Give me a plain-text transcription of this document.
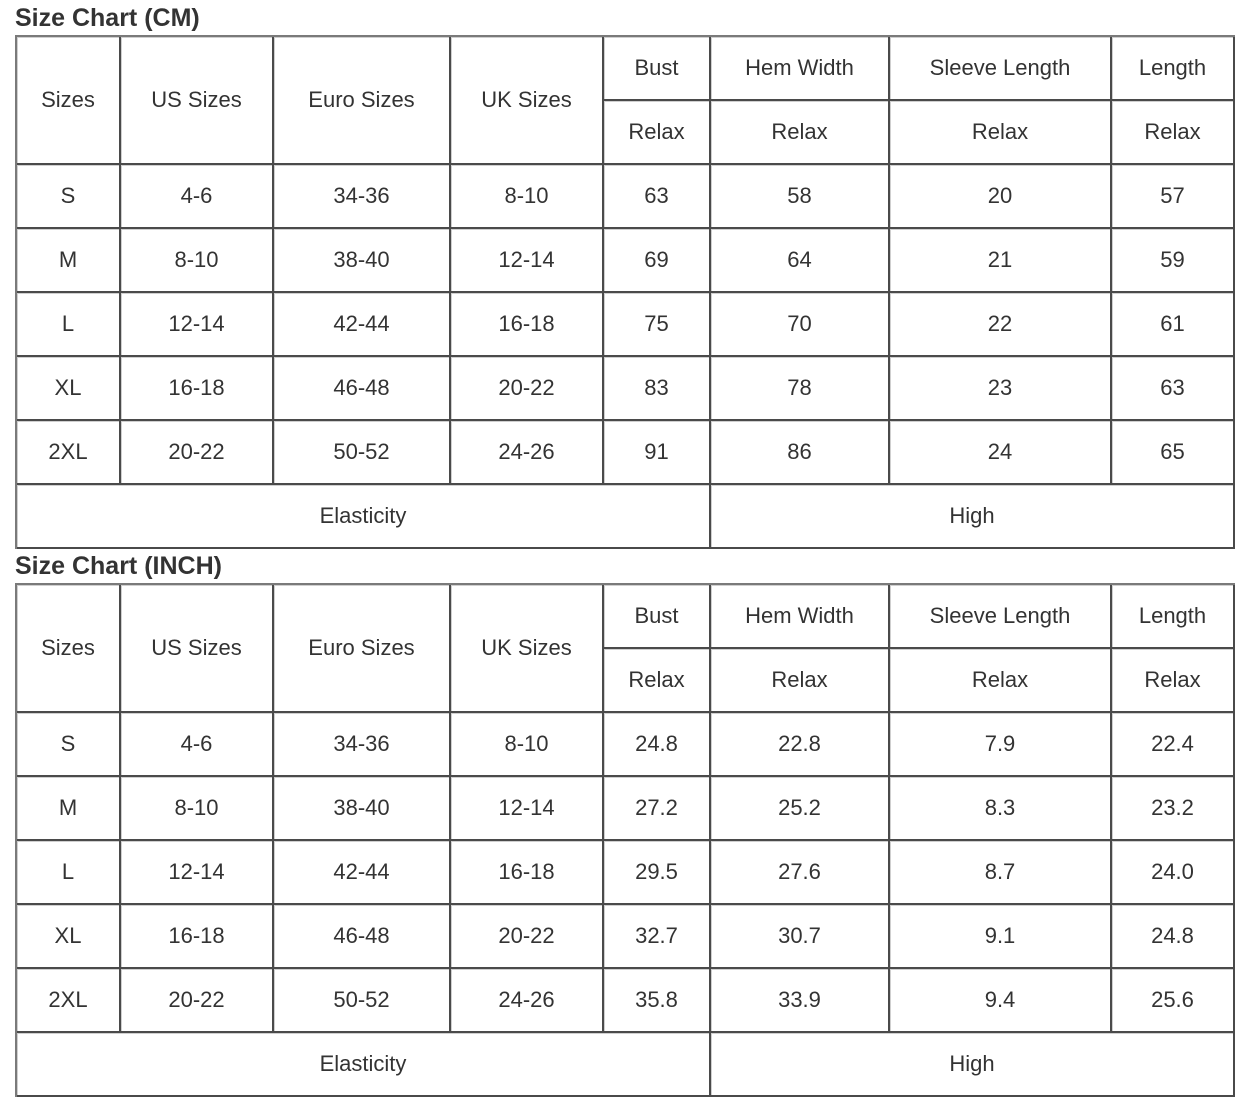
Size Chart (CM)
Sizes	US Sizes	Euro Sizes	UK Sizes	Bust	Hem Width	Sleeve Length	Length
				Relax	Relax	Relax	Relax
S	4-6	34-36	8-10	63	58	20	57
M	8-10	38-40	12-14	69	64	21	59
L	12-14	42-44	16-18	75	70	22	61
XL	16-18	46-48	20-22	83	78	23	63
2XL	20-22	50-52	24-26	91	86	24	65
Elasticity					High		
Size Chart (INCH)
Sizes	US Sizes	Euro Sizes	UK Sizes	Bust	Hem Width	Sleeve Length	Length
				Relax	Relax	Relax	Relax
S	4-6	34-36	8-10	24.8	22.8	7.9	22.4
M	8-10	38-40	12-14	27.2	25.2	8.3	23.2
L	12-14	42-44	16-18	29.5	27.6	8.7	24.0
XL	16-18	46-48	20-22	32.7	30.7	9.1	24.8
2XL	20-22	50-52	24-26	35.8	33.9	9.4	25.6
Elasticity					High		
